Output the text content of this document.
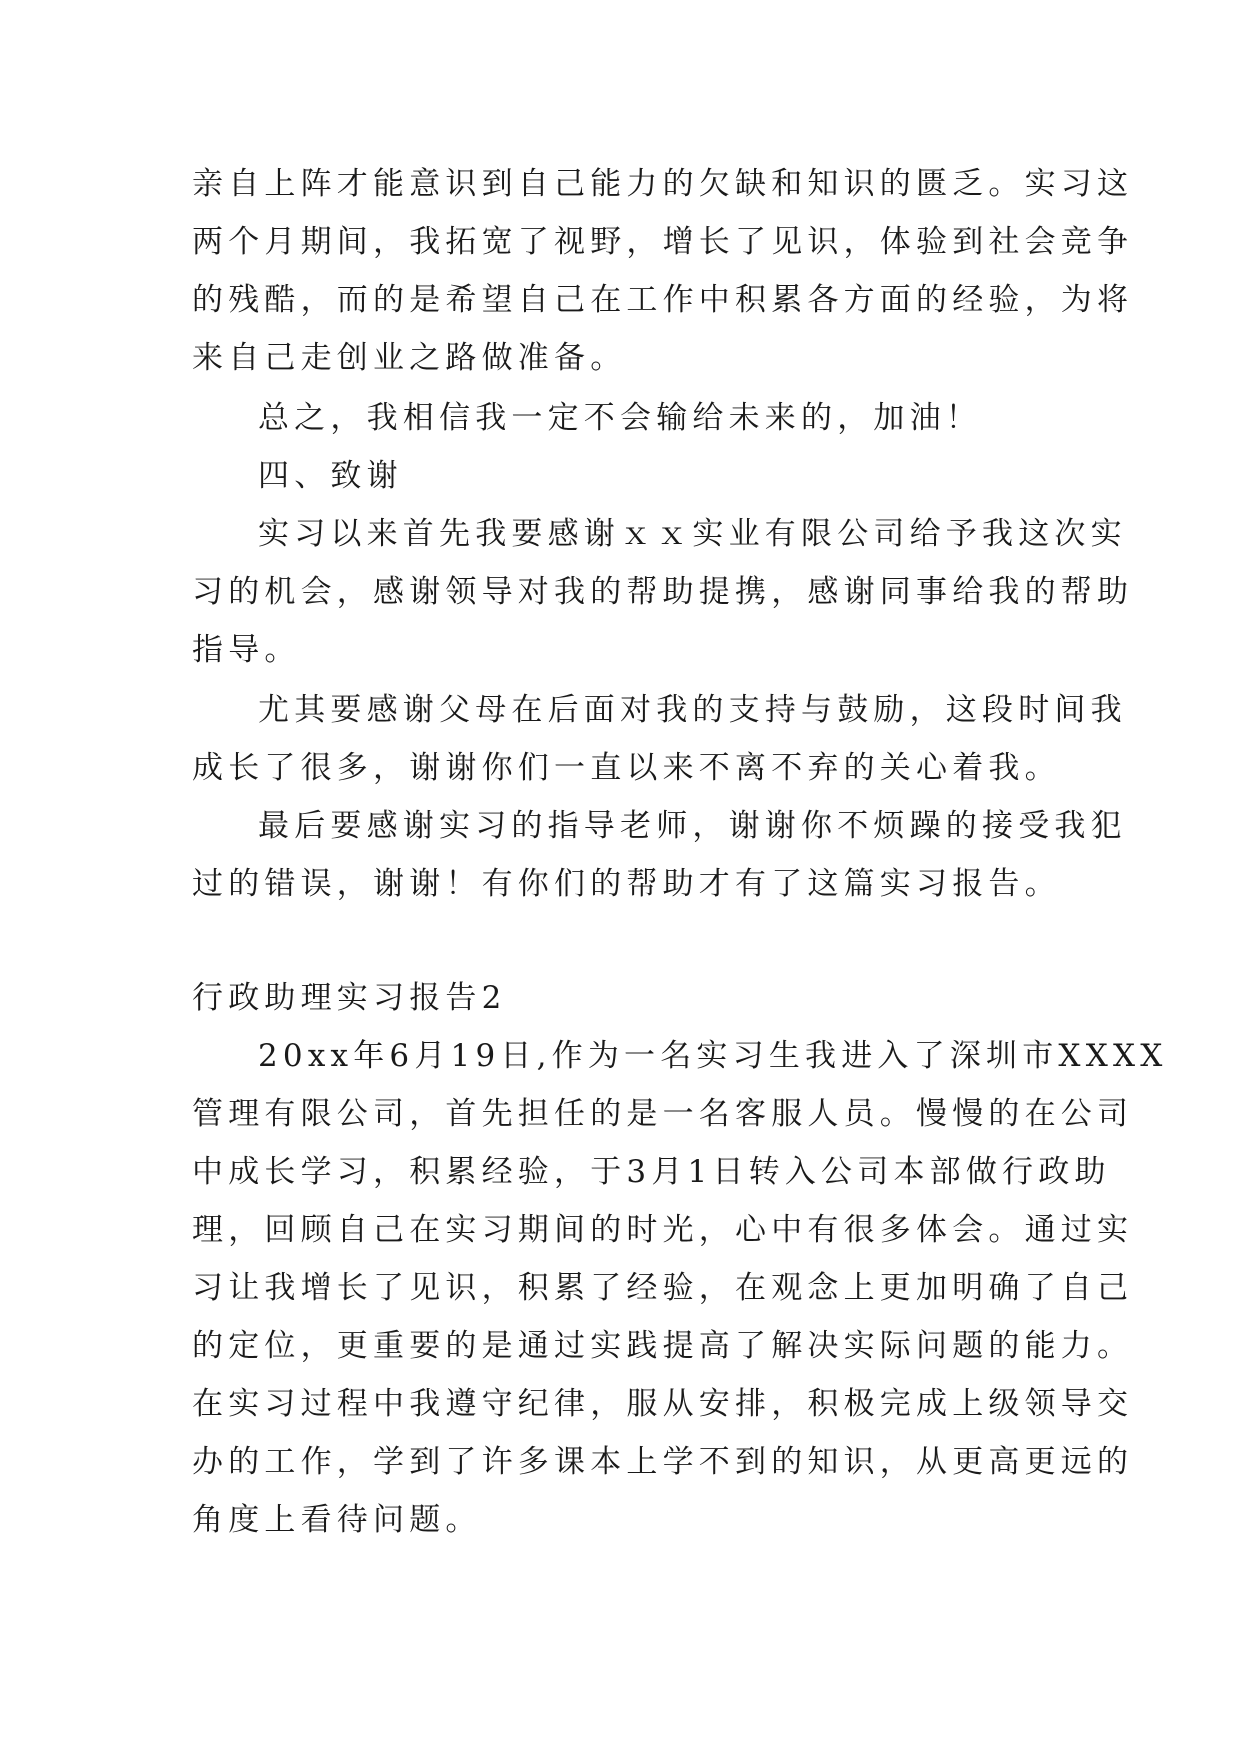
亲自上阵才能意识到自己能力的欠缺和知识的匮乏。实习这

两个月期间，我拓宽了视野，增长了见识，体验到社会竞争

的残酷，而的是希望自己在工作中积累各方面的经验，为将

来自己走创业之路做准备。

总之，我相信我一定不会输给未来的，加油！

四、致谢

实习以来首先我要感谢ｘｘ实业有限公司给予我这次实

习的机会，感谢领导对我的帮助提携，感谢同事给我的帮助

指导。

尤其要感谢父母在后面对我的支持与鼓励，这段时间我

成长了很多，谢谢你们一直以来不离不弃的关心着我。

最后要感谢实习的指导老师，谢谢你不烦躁的接受我犯

过的错误，谢谢！有你们的帮助才有了这篇实习报告。

行政助理实习报告2

20xx年6月19日,作为一名实习生我进入了深圳市XXXX

管理有限公司，首先担任的是一名客服人员。慢慢的在公司

中成长学习，积累经验，于3月1日转入公司本部做行政助

理，回顾自己在实习期间的时光，心中有很多体会。通过实

习让我增长了见识，积累了经验，在观念上更加明确了自己

的定位，更重要的是通过实践提高了解决实际问题的能力。

在实习过程中我遵守纪律，服从安排，积极完成上级领导交

办的工作，学到了许多课本上学不到的知识，从更高更远的

角度上看待问题。
